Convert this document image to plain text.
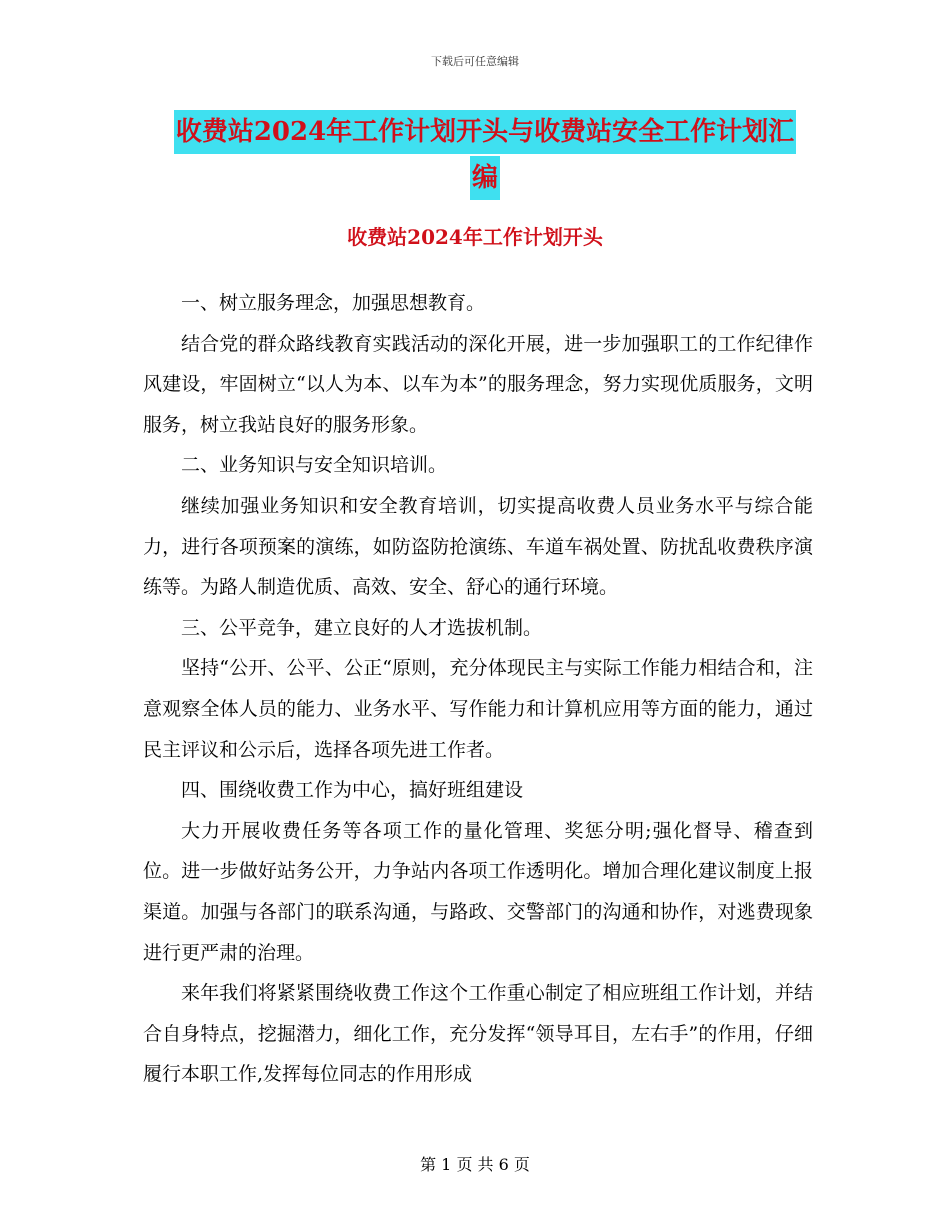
下载后可任意编辑
收费站2024年工作计划开头与收费站安全工作计划汇
编
收费站2024年工作计划开头

一、树立服务理念，加强思想教育。

结合党的群众路线教育实践活动的深化开展，进一步加强职工的工作纪律作风建设，牢固树立“以人为本、以车为本”的服务理念，努力实现优质服务，文明服务，树立我站良好的服务形象。

二、业务知识与安全知识培训。

继续加强业务知识和安全教育培训，切实提高收费人员业务水平与综合能力，进行各项预案的演练，如防盗防抢演练、车道车祸处置、防扰乱收费秩序演练等。为路人制造优质、高效、安全、舒心的通行环境。

三、公平竞争，建立良好的人才选拔机制。

坚持“公开、公平、公正“原则，充分体现民主与实际工作能力相结合和，注意观察全体人员的能力、业务水平、写作能力和计算机应用等方面的能力，通过民主评议和公示后，选择各项先进工作者。

四、围绕收费工作为中心，搞好班组建设

大力开展收费任务等各项工作的量化管理、奖惩分明;强化督导、稽查到位。进一步做好站务公开，力争站内各项工作透明化。增加合理化建议制度上报渠道。加强与各部门的联系沟通，与路政、交警部门的沟通和协作，对逃费现象进行更严肃的治理。

来年我们将紧紧围绕收费工作这个工作重心制定了相应班组工作计划，并结合自身特点，挖掘潜力，细化工作，充分发挥“领导耳目，左右手”的作用，仔细履行本职工作,发挥每位同志的作用形成

第 1 页 共 6 页
